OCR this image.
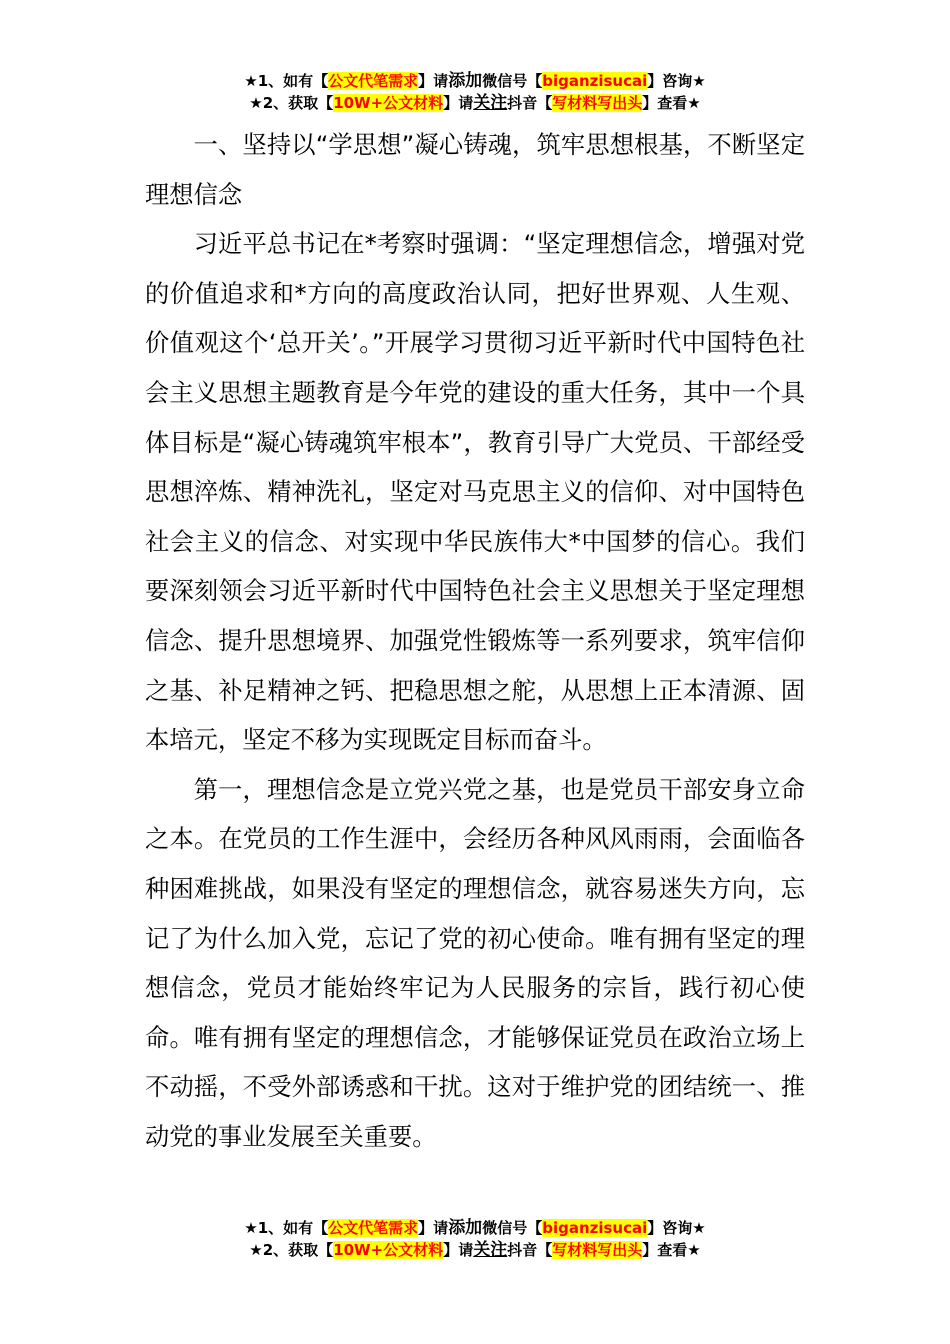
★1、如有【公文代笔需求】请添加微信号【biganzisucai】咨询★
★2、获取【10W+公文材料】请关注抖音【写材料写出头】查看★

一、坚持以“学思想”凝心铸魂，筑牢思想根基，不断坚定理想信念

习近平总书记在*考察时强调：“坚定理想信念，增强对党的价值追求和*方向的高度政治认同，把好世界观、人生观、价值观这个‘总开关’。”开展学习贯彻习近平新时代中国特色社会主义思想主题教育是今年党的建设的重大任务，其中一个具体目标是“凝心铸魂筑牢根本”，教育引导广大党员、干部经受思想淬炼、精神洗礼，坚定对马克思主义的信仰、对中国特色社会主义的信念、对实现中华民族伟大*中国梦的信心。我们要深刻领会习近平新时代中国特色社会主义思想关于坚定理想信念、提升思想境界、加强党性锻炼等一系列要求，筑牢信仰之基、补足精神之钙、把稳思想之舵，从思想上正本清源、固本培元，坚定不移为实现既定目标而奋斗。

第一，理想信念是立党兴党之基，也是党员干部安身立命之本。在党员的工作生涯中，会经历各种风风雨雨，会面临各种困难挑战，如果没有坚定的理想信念，就容易迷失方向，忘记了为什么加入党，忘记了党的初心使命。唯有拥有坚定的理想信念，党员才能始终牢记为人民服务的宗旨，践行初心使命。唯有拥有坚定的理想信念，才能够保证党员在政治立场上不动摇，不受外部诱惑和干扰。这对于维护党的团结统一、推动党的事业发展至关重要。

★1、如有【公文代笔需求】请添加微信号【biganzisucai】咨询★
★2、获取【10W+公文材料】请关注抖音【写材料写出头】查看★
